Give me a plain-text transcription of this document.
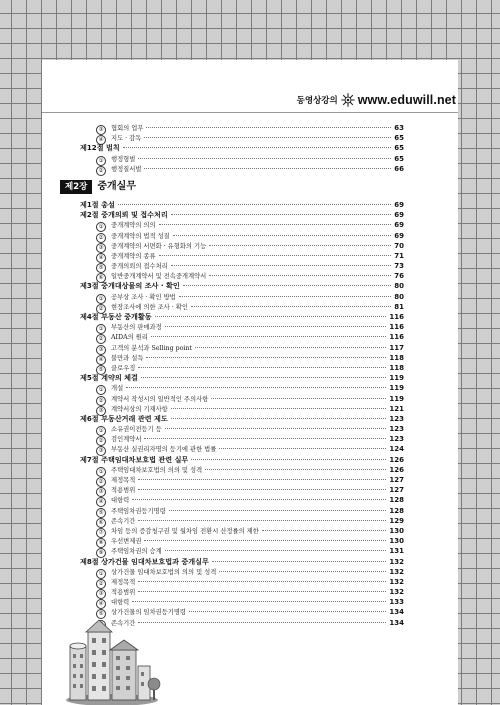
동영상강의 www.eduwill.net
③	협회의 업무	63
④	지도 · 감독	65
제12절 벌칙	65
①	행정형벌	65
②	행정질서벌	66
제2장	중개실무
제1절 총설	69
제2절 중개의뢰 및 접수처리	69
①	중개계약의 의의	69
②	중개계약의 법적 성질	69
③	중개계약의 서면화 · 유형화의 기능	70
④	중개계약의 종류	71
⑤	중개의뢰의 접수처리	73
⑥	일반중개계약서 및 전속중개계약서	76
제3절 중개대상물의 조사 · 확인	80
①	공부상 조사 · 확인 방법	80
②	현장조사에 의한 조사 · 확인	81
제4절 부동산 중개활동	116
①	부동산의 판매과정	116
②	AIDA의 원리	116
③	고객의 분석과 Selling point	117
④	불만과 설득	118
⑤	클로우징	118
제5절 계약의 체결	119
①	개설	119
②	계약서 작성시의 일반적인 주의사항	119
③	계약서상의 기재사항	121
제6절 부동산거래 관련 제도	123
①	소유권이전등기 등	123
②	검인계약서	123
③	부동산 실권리자명의 등기에 관한 법률	124
제7절 주택임대차보호법 관련 실무	126
①	주택임대차보호법의 의의 및 성격	126
②	제정목적	127
③	적용범위	127
④	대항력	128
⑤	주택임차권등기명령	128
⑥	존속기간	129
⑦	차임 등의 증감청구권 및 월차임 전환시 산정률의 제한	130
⑧	우선변제권	130
⑨	주택임차권의 승계	131
제8절 상가건물 임대차보호법과 중개실무	132
①	상가건물 임대차보호법의 의의 및 성격	132
②	제정목적	132
③	적용범위	132
④	대항력	133
⑤	상가건물의 임차권등기명령	134
존속기간	134
